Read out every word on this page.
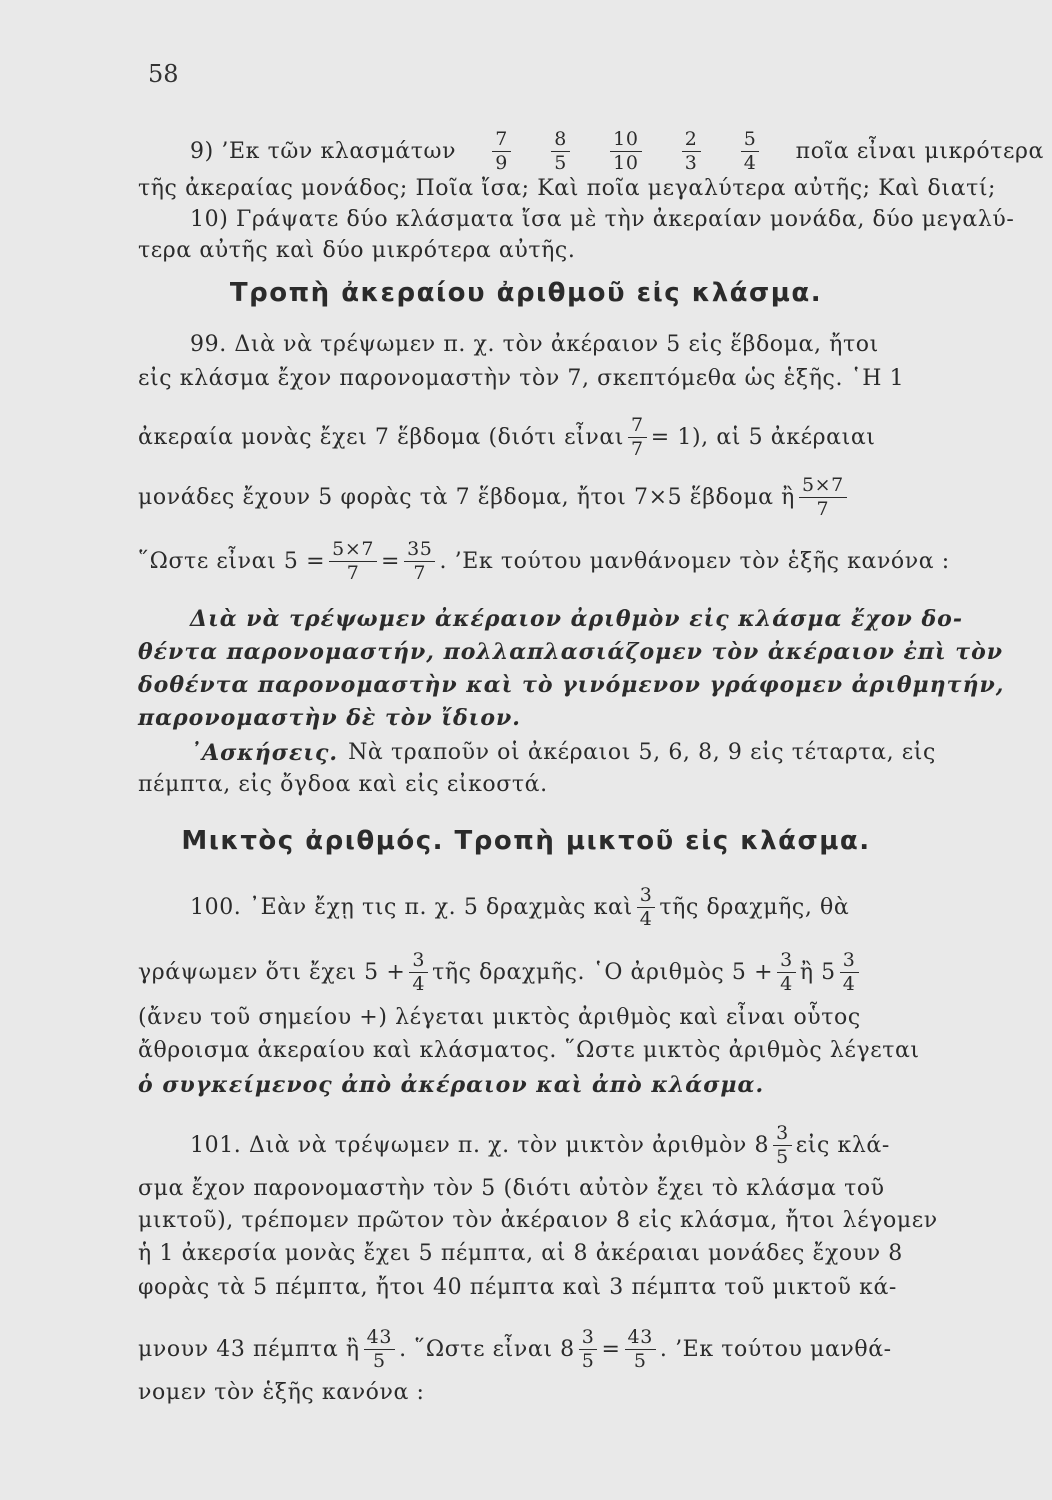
58
9) ’Εκ τῶν κλασμάτων $\frac{7}{9} \frac{8}{5} \frac{10}{10} \frac{2}{3} \frac{5}{4}$ ποῖα εἶναι μικρότερα
τῆς ἀκεραίας μονάδος; Ποῖα ἴσα; Καὶ ποῖα μεγαλύτερα αὐτῆς; Καὶ διατί;
10) Γράψατε δύο κλάσματα ἴσα μὲ τὴν ἀκεραίαν μονάδα, δύο μεγαλύ-
τερα αὐτῆς καὶ δύο μικρότερα αὐτῆς.
Τροπὴ ἀκεραίου ἀριθμοῦ εἰς κλάσμα.
99. Διὰ νὰ τρέψωμεν π. χ. τὸν ἀκέραιον 5 εἰς ἕβδομα, ἤτοι
εἰς κλάσμα ἔχον παρονομαστὴν τὸν 7, σκεπτόμεθα ὡς ἑξῆς. ῾Η 1
ἀκεραία μονὰς ἔχει 7 ἕβδομα (διότι εἶναι $\frac{7}{7} = 1$), αἱ 5 ἀκέραιαι
μονάδες ἔχουν 5 φορὰς τὰ 7 ἕβδομα, ἤτοι 7×5 ἕβδομα ἢ $\frac{5\times 7}{7}$
῞Ωστε εἶναι $5 = \frac{5\times 7}{7} = \frac{35}{7}$ . ’Εκ τούτου μανθάνομεν τὸν ἑξῆς κανόνα :
Διὰ νὰ τρέψωμεν ἀκέραιον ἀριθμὸν εἰς κλάσμα ἔχον δο-
θέντα παρονομαστήν, πολλαπλασιάζομεν τὸν ἀκέραιον ἐπὶ τὸν
δοθέντα παρονομαστὴν καὶ τὸ γινόμενον γράφομεν ἀριθμητήν,
παρονομαστὴν δὲ τὸν ἴδιον.
᾿Ασκήσεις. Νὰ τραποῦν οἱ ἀκέραιοι 5, 6, 8, 9 εἰς τέταρτα, εἰς
πέμπτα, εἰς ὄγδοα καὶ εἰς εἰκοστά.
Μικτὸς ἀριθμός. Τροπὴ μικτοῦ εἰς κλάσμα.
100. ᾿Εὰν ἔχῃ τις π. χ. 5 δραχμὰς καὶ $\frac{3}{4}$ τῆς δραχμῆς, θὰ
γράψωμεν ὅτι ἔχει $5 + \frac{3}{4}$ τῆς δραχμῆς. ῾Ο ἀριθμὸς $5 + \frac{3}{4}$ ἢ $5 \frac{3}{4}$
(ἄνευ τοῦ σημείου +) λέγεται μικτὸς ἀριθμὸς καὶ εἶναι οὗτος
ἄθροισμα ἀκεραίου καὶ κλάσματος. ῞Ωστε μικτὸς ἀριθμὸς λέγεται
ὁ συγκείμενος ἀπὸ ἀκέραιον καὶ ἀπὸ κλάσμα.
101. Διὰ νὰ τρέψωμεν π. χ. τὸν μικτὸν ἀριθμὸν $8 \frac{3}{5}$ εἰς κλά-
σμα ἔχον παρονομαστὴν τὸν 5 (διότι αὐτὸν ἔχει τὸ κλάσμα τοῦ
μικτοῦ), τρέπομεν πρῶτον τὸν ἀκέραιον 8 εἰς κλάσμα, ἤτοι λέγομεν
ἡ 1 ἀκερσία μονὰς ἔχει 5 πέμπτα, αἱ 8 ἀκέραιαι μονάδες ἔχουν 8
φορὰς τὰ 5 πέμπτα, ἤτοι 40 πέμπτα καὶ 3 πέμπτα τοῦ μικτοῦ κά-
μνουν 43 πέμπτα ἢ $\frac{43}{5}$ . ῞Ωστε εἶναι $8 \frac{3}{5} = \frac{43}{5}$ . ’Εκ τούτου μανθά-
νομεν τὸν ἑξῆς κανόνα :
